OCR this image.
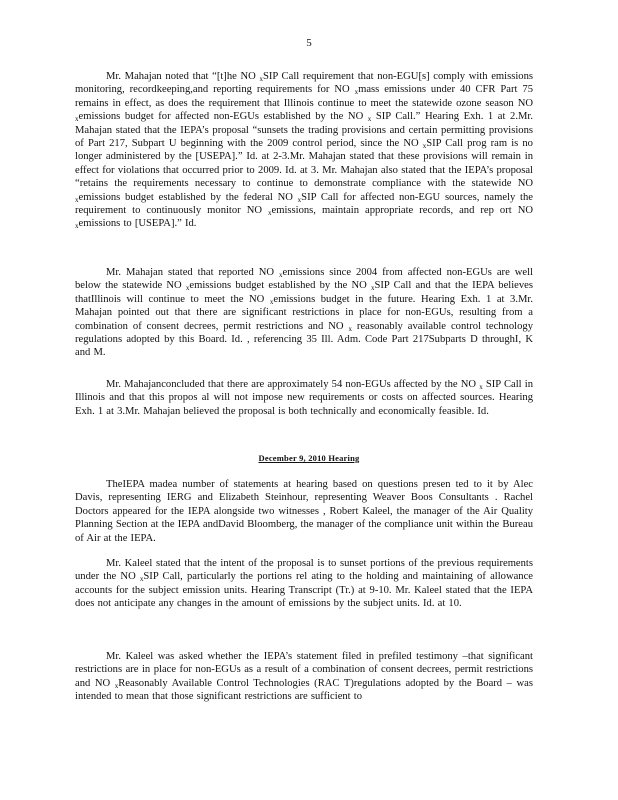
5

Mr. Mahajan noted that “[t]he NO $_x$SIP Call requirement that non-EGU[s] comply with emissions monitoring, recordkeeping,and reporting requirements for NO $_x$mass emissions under 40 CFR Part 75 remains in effect, as does the requirement that Illinois continue to meet the statewide ozone season NO $_x$emissions budget for affected non-EGUs established by the NO $_x$ SIP Call.” Hearing Exh. 1 at 2.Mr. Mahajan stated that the IEPA’s proposal “sunsets the trading provisions and certain permitting provisions of Part 217, Subpart U beginning with the 2009 control period, since the NO $_x$SIP Call prog ram is no longer administered by the [USEPA].” Id. at 2-3.Mr. Mahajan stated that these provisions will remain in effect for violations that occurred prior to 2009. Id. at 3. Mr. Mahajan also stated that the IEPA’s proposal “retains the requirements necessary to continue to demonstrate compliance with the statewide NO $_x$emissions budget established by the federal NO $_x$SIP Call for affected non-EGU sources, namely the requirement to continuously monitor NO $_x$emissions, maintain appropriate records, and rep ort NO $_x$emissions to [USEPA].” Id.

Mr. Mahajan stated that reported NO $_x$emissions since 2004 from affected non-EGUs are well below the statewide NO $_x$emissions budget established by the NO $_x$SIP Call and that the IEPA believes thatIllinois will continue to meet the NO $_x$emissions budget in the future. Hearing Exh. 1 at 3.Mr. Mahajan pointed out that there are significant restrictions in place for non-EGUs, resulting from a combination of consent decrees, permit restrictions and NO $_x$ reasonably available control technology regulations adopted by this Board. Id. , referencing 35 Ill. Adm. Code Part 217Subparts D throughI, K and M.

Mr. Mahajanconcluded that there are approximately 54 non-EGUs affected by the NO $_x$ SIP Call in Illinois and that this propos al will not impose new requirements or costs on affected sources. Hearing Exh. 1 at 3.Mr. Mahajan believed the proposal is both technically and economically feasible. Id.

December 9, 2010 Hearing

TheIEPA madea number of statements at hearing based on questions presen ted to it by Alec Davis, representing IERG and Elizabeth Steinhour, representing Weaver Boos Consultants . Rachel Doctors appeared for the IEPA alongside two witnesses , Robert Kaleel, the manager of the Air Quality Planning Section at the IEPA andDavid Bloomberg, the manager of the compliance unit within the Bureau of Air at the IEPA.

Mr. Kaleel stated that the intent of the proposal is to sunset portions of the previous requirements under the NO $_x$SIP Call, particularly the portions rel ating to the holding and maintaining of allowance accounts for the subject emission units. Hearing Transcript (Tr.) at 9-10. Mr. Kaleel stated that the IEPA does not anticipate any changes in the amount of emissions by the subject units. Id. at 10.

Mr. Kaleel was asked whether the IEPA’s statement filed in prefiled testimony –that significant restrictions are in place for non-EGUs as a result of a combination of consent decrees, permit restrictions and NO $_x$Reasonably Available Control Technologies (RAC T)regulations adopted by the Board – was intended to mean that those significant restrictions are sufficient to
